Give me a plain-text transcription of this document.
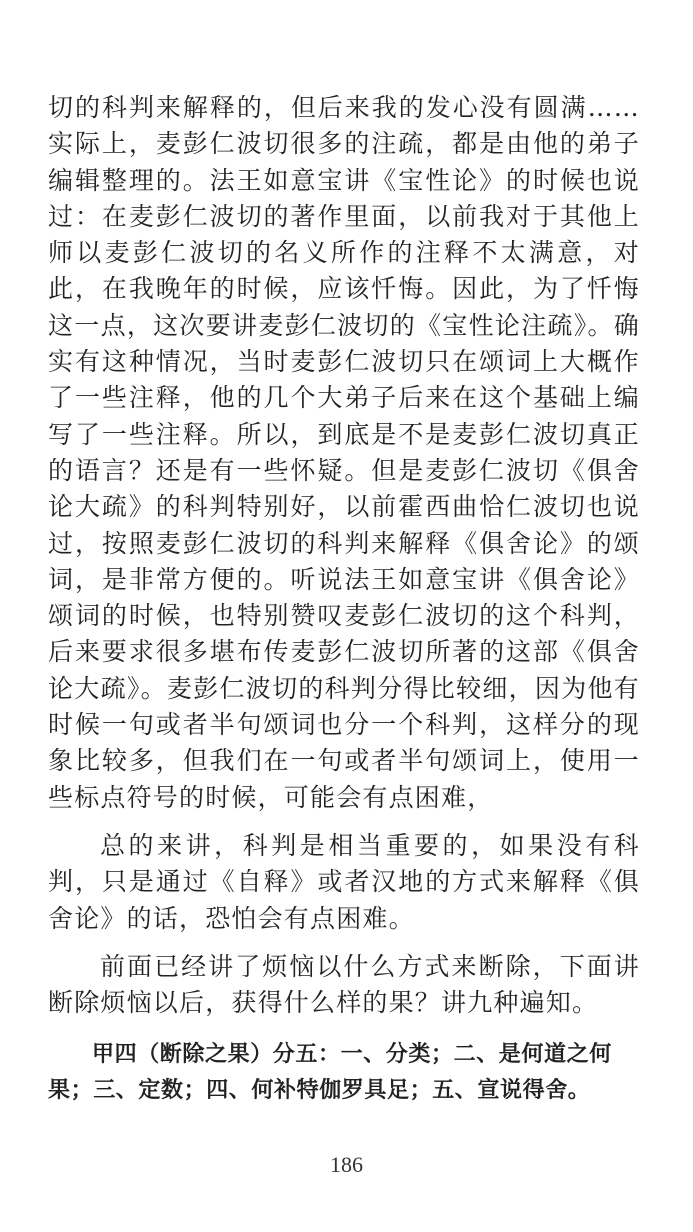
切的科判来解释的，但后来我的发心没有圆满……实际上，麦彭仁波切很多的注疏，都是由他的弟子编辑整理的。法王如意宝讲《宝性论》的时候也说过：在麦彭仁波切的著作里面，以前我对于其他上师以麦彭仁波切的名义所作的注释不太满意，对此，在我晚年的时候，应该忏悔。因此，为了忏悔这一点，这次要讲麦彭仁波切的《宝性论注疏》。确实有这种情况，当时麦彭仁波切只在颂词上大概作了一些注释，他的几个大弟子后来在这个基础上编写了一些注释。所以，到底是不是麦彭仁波切真正的语言？还是有一些怀疑。但是麦彭仁波切《俱舍论大疏》的科判特别好，以前霍西曲恰仁波切也说过，按照麦彭仁波切的科判来解释《俱舍论》的颂词，是非常方便的。听说法王如意宝讲《俱舍论》颂词的时候，也特别赞叹麦彭仁波切的这个科判，后来要求很多堪布传麦彭仁波切所著的这部《俱舍论大疏》。麦彭仁波切的科判分得比较细，因为他有时候一句或者半句颂词也分一个科判，这样分的现象比较多，但我们在一句或者半句颂词上，使用一些标点符号的时候，可能会有点困难，

总的来讲，科判是相当重要的，如果没有科判，只是通过《自释》或者汉地的方式来解释《俱舍论》的话，恐怕会有点困难。

前面已经讲了烦恼以什么方式来断除，下面讲断除烦恼以后，获得什么样的果？讲九种遍知。

甲四（断除之果）分五：一、分类；二、是何道之何果；三、定数；四、何补特伽罗具足；五、宣说得舍。

186
